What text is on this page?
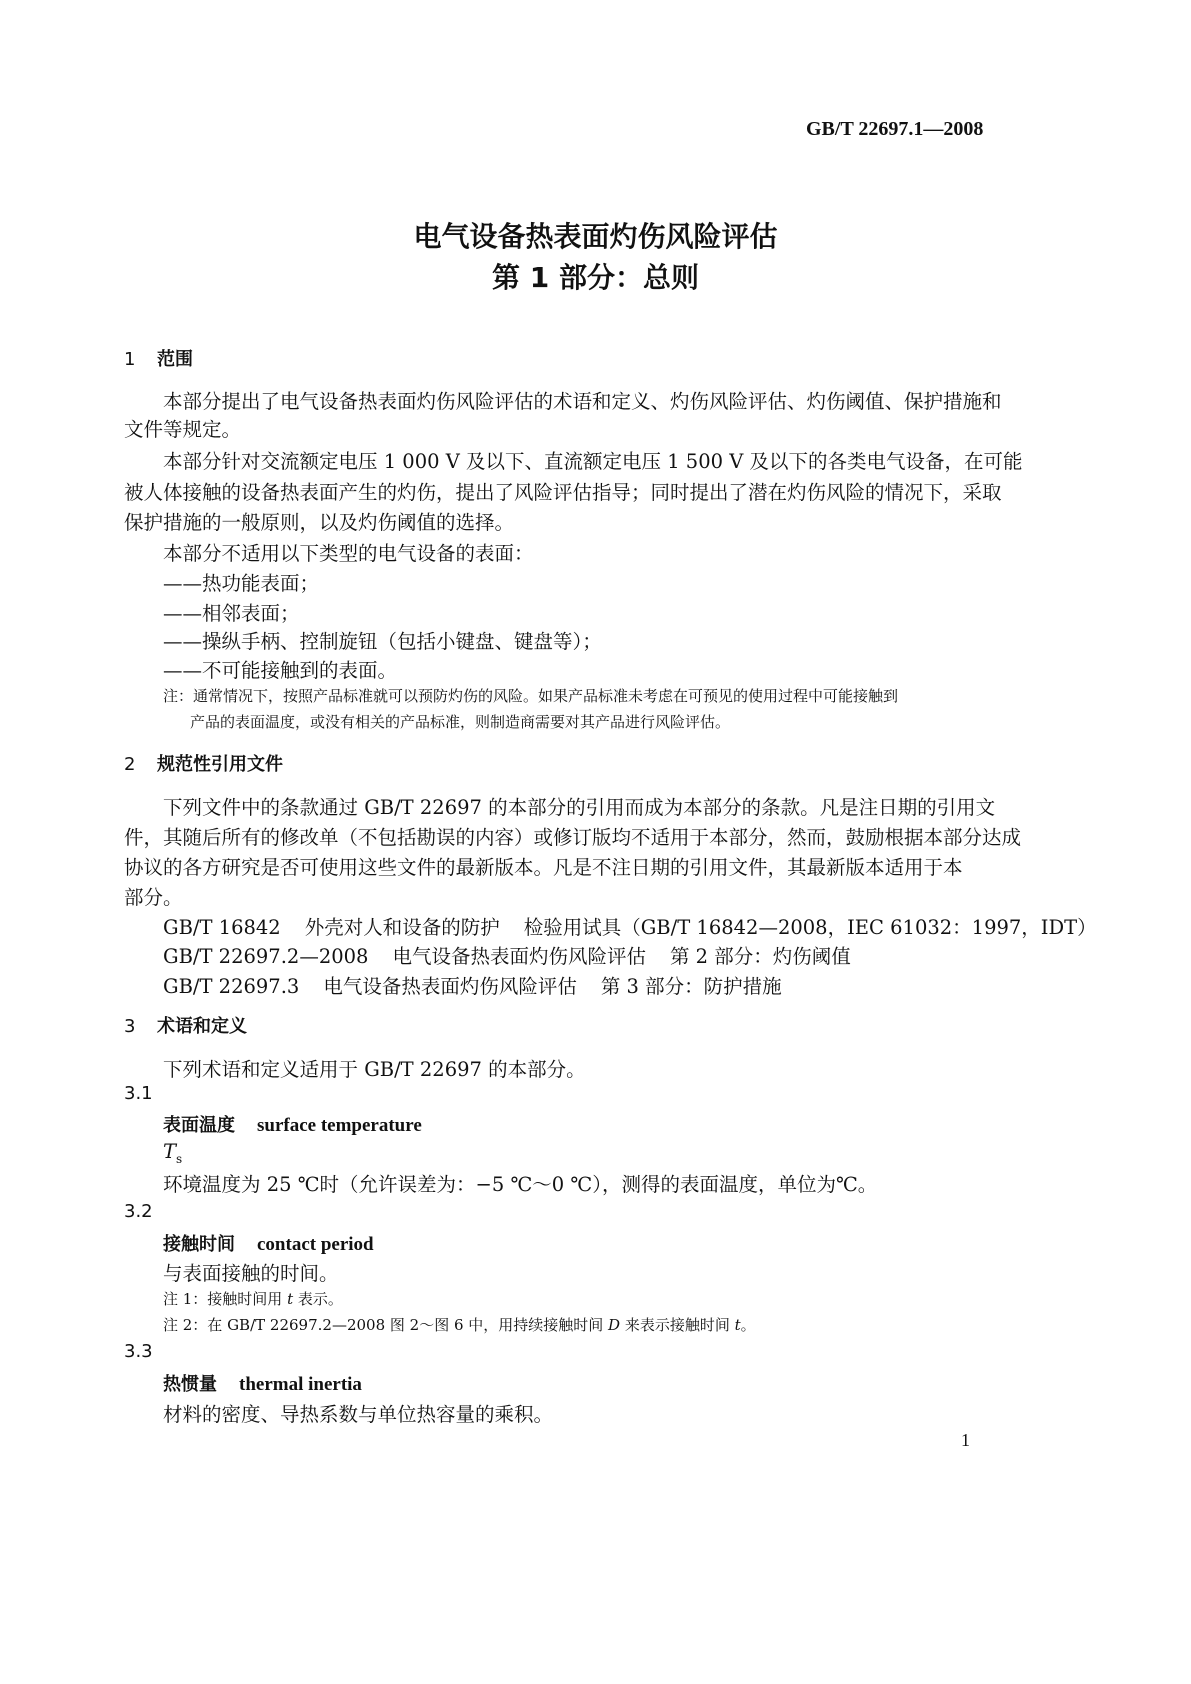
GB/T 22697.1—2008
电气设备热表面灼伤风险评估
第 1 部分：总则
1 范围
本部分提出了电气设备热表面灼伤风险评估的术语和定义、灼伤风险评估、灼伤阈值、保护措施和
文件等规定。
本部分针对交流额定电压 1 000 V 及以下、直流额定电压 1 500 V 及以下的各类电气设备，在可能
被人体接触的设备热表面产生的灼伤，提出了风险评估指导；同时提出了潜在灼伤风险的情况下，采取
保护措施的一般原则，以及灼伤阈值的选择。
本部分不适用以下类型的电气设备的表面：
——热功能表面；
——相邻表面；
——操纵手柄、控制旋钮（包括小键盘、键盘等）；
——不可能接触到的表面。
注：通常情况下，按照产品标准就可以预防灼伤的风险。如果产品标准未考虑在可预见的使用过程中可能接触到
产品的表面温度，或没有相关的产品标准，则制造商需要对其产品进行风险评估。
2 规范性引用文件
下列文件中的条款通过 GB/T 22697 的本部分的引用而成为本部分的条款。凡是注日期的引用文
件，其随后所有的修改单（不包括勘误的内容）或修订版均不适用于本部分，然而，鼓励根据本部分达成
协议的各方研究是否可使用这些文件的最新版本。凡是不注日期的引用文件，其最新版本适用于本
部分。
GB/T 16842 外壳对人和设备的防护 检验用试具（GB/T 16842—2008，IEC 61032：1997，IDT）
GB/T 22697.2—2008 电气设备热表面灼伤风险评估 第 2 部分：灼伤阈值
GB/T 22697.3 电气设备热表面灼伤风险评估 第 3 部分：防护措施
3 术语和定义
下列术语和定义适用于 GB/T 22697 的本部分。
3.1
表面温度 surface temperature
$T_s$
环境温度为 25 ℃时（允许误差为：−5 ℃～0 ℃），测得的表面温度，单位为℃。
3.2
接触时间 contact period
与表面接触的时间。
注 1：接触时间用 t 表示。
注 2：在 GB/T 22697.2—2008 图 2～图 6 中，用持续接触时间 D 来表示接触时间 t。
3.3
热惯量 thermal inertia
材料的密度、导热系数与单位热容量的乘积。
1
